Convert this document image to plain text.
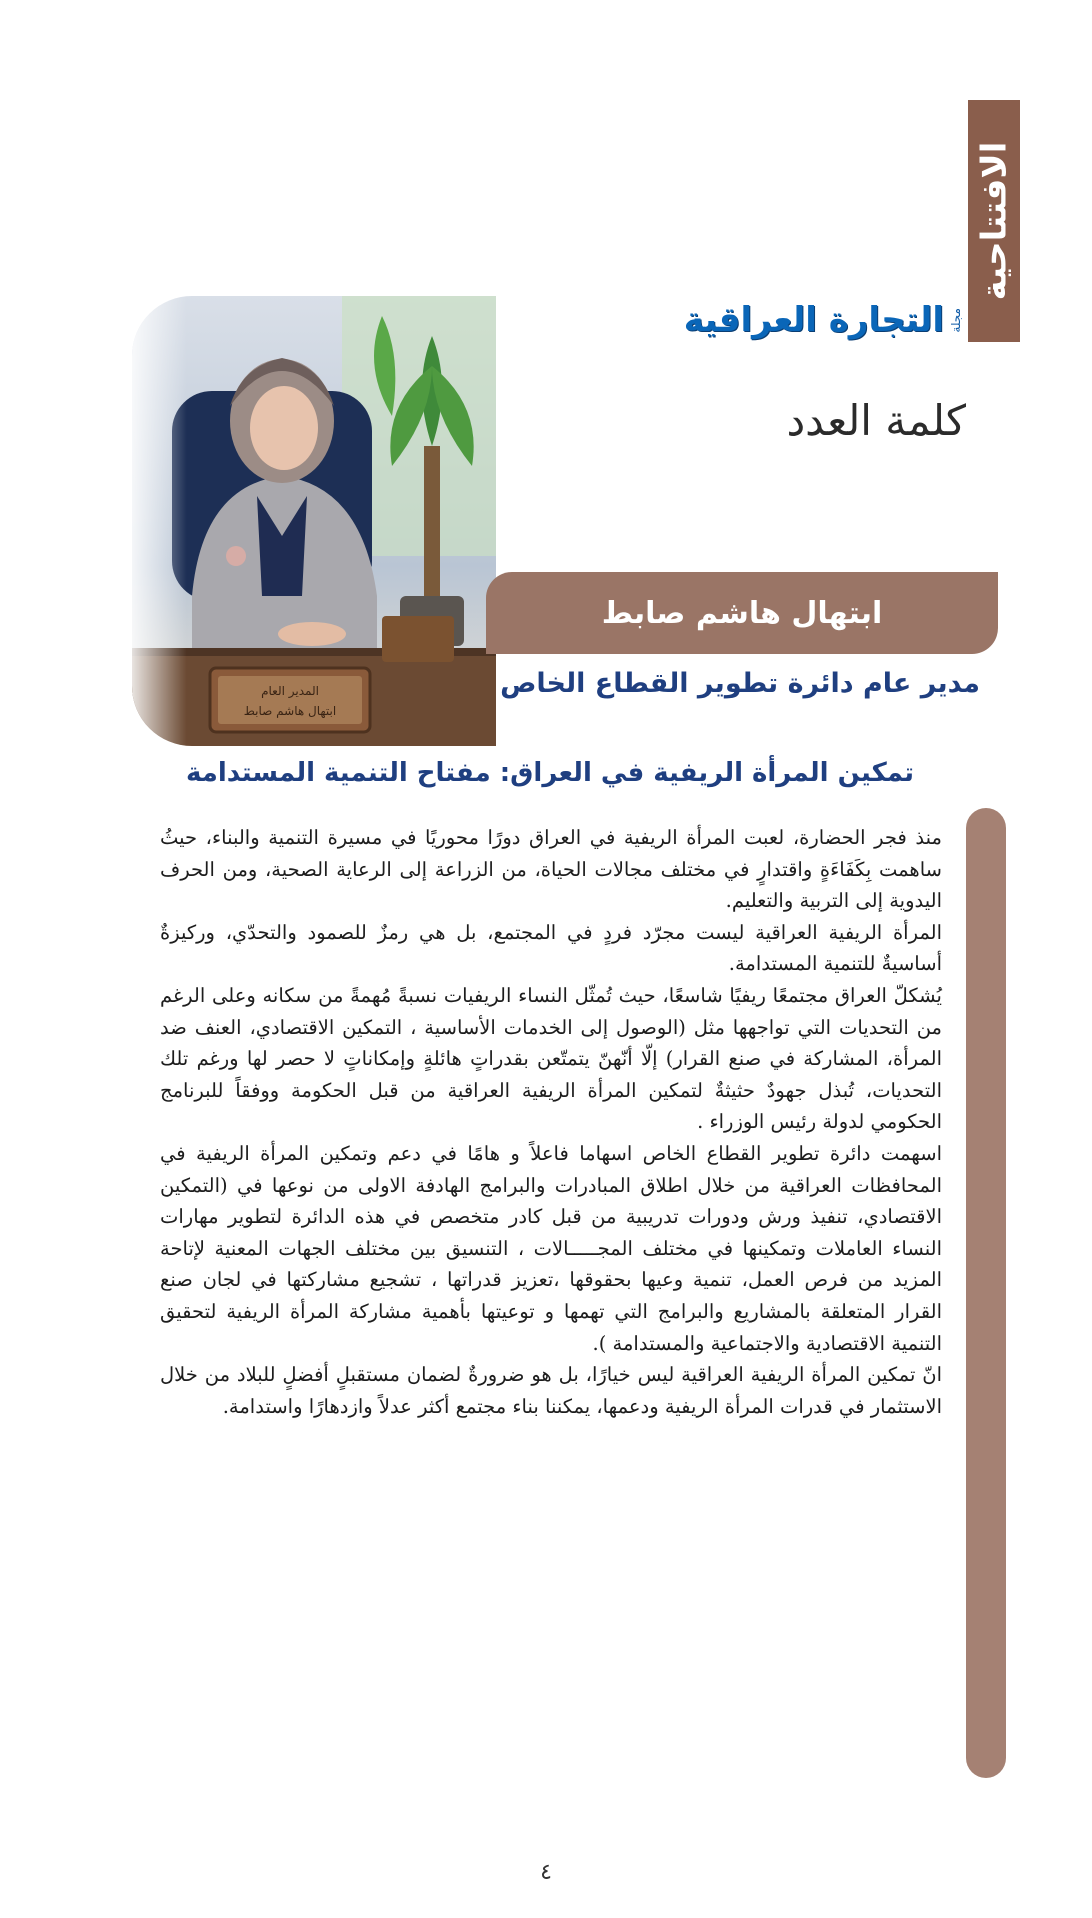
الافتتاحية
مجلة
التجارة العراقية
كلمة العدد
ابتهال هاشم صابط
مدير عام دائرة تطوير القطاع الخاص
تمكين المرأة الريفية في العراق: مفتاح التنمية المستدامة

منذ فجر الحضارة، لعبت المرأة الريفية في العراق دورًا محوريًا في مسيرة التنمية والبناء، حيثُ ساهمت بِكَفَاءَةٍ واقتدارٍ في مختلف مجالات الحياة، من الزراعة إلى الرعاية الصحية، ومن الحرف اليدوية إلى التربية والتعليم.

المرأة الريفية العراقية ليست مجرّد فردٍ في المجتمع، بل هي رمزٌ للصمود والتحدّي، وركيزةٌ أساسيةٌ للتنمية المستدامة.

يُشكلّ العراق مجتمعًا ريفيًا شاسعًا، حيث تُمثّل النساء الريفيات نسبةً مُهمةً من سكانه وعلى الرغم من التحديات التي تواجهها مثل (الوصول إلى الخدمات الأساسية ، التمكين الاقتصادي، العنف ضد المرأة، المشاركة في صنع القرار) إلّا أنّهنّ يتمتّعن بقدراتٍ هائلةٍ وإمكاناتٍ لا حصر لها ورغم تلك التحديات، تُبذل جهودٌ حثيثةٌ لتمكين المرأة الريفية العراقية من قبل الحكومة ووفقاً للبرنامج الحكومي لدولة رئيس الوزراء .

اسهمت دائرة تطوير القطاع الخاص اسهاما فاعلاً و هامًا في دعم وتمكين المرأة الريفية في المحافظات العراقية من خلال اطلاق المبادرات والبرامج الهادفة الاولى من نوعها في (التمكين الاقتصادي، تنفيذ ورش ودورات تدريبية من قبل كادر متخصص في هذه الدائرة لتطوير مهارات النساء العاملات وتمكينها في مختلف المجـــــالات ، التنسيق بين مختلف الجهات المعنية لإتاحة المزيد من فرص العمل، تنمية وعيها بحقوقها ،تعزيز قدراتها ، تشجيع مشاركتها في لجان صنع القرار المتعلقة بالمشاريع والبرامج التي تهمها و توعيتها بأهمية مشاركة المرأة الريفية لتحقيق التنمية الاقتصادية والاجتماعية والمستدامة ).

انّ تمكين المرأة الريفية العراقية ليس خيارًا، بل هو ضرورةٌ لضمان مستقبلٍ أفضلٍ للبلاد من خلال الاستثمار في قدرات المرأة الريفية ودعمها، يمكننا بناء مجتمع أكثر عدلاً وازدهارًا واستدامة.

٤
